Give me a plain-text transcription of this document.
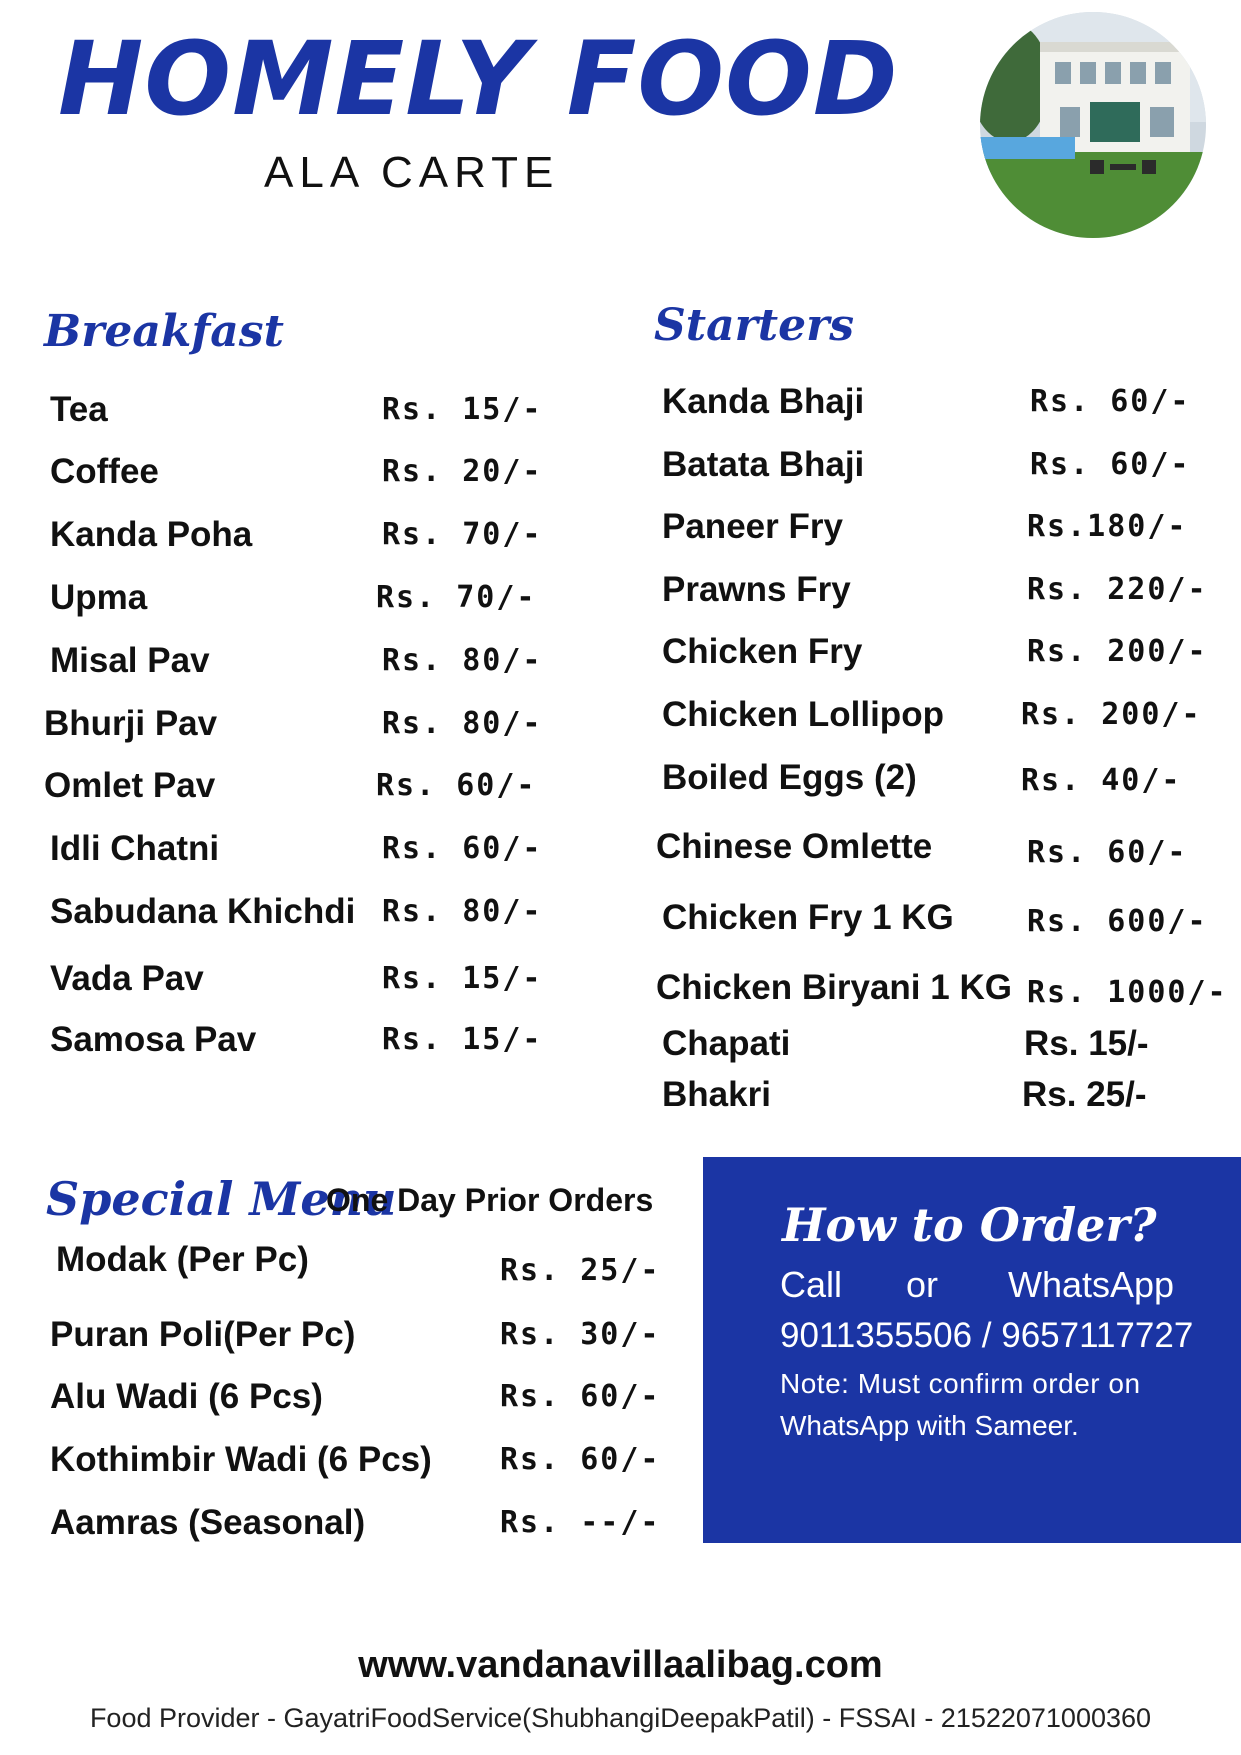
HOMELY FOOD
ALA CARTE
Breakfast
Tea	Rs. 15/-
Coffee	Rs. 20/-
Kanda Poha	Rs. 70/-
Upma	Rs. 70/-
Misal Pav	Rs. 80/-
Bhurji Pav	Rs. 80/-
Omlet Pav	Rs. 60/-
Idli Chatni	Rs. 60/-
Sabudana Khichdi Rs. 80/-
Vada Pav	Rs. 15/-
Samosa Pav	Rs. 15/-
Starters
Kanda Bhaji	Rs. 60/-
Batata Bhaji	Rs. 60/-
Paneer Fry	Rs.180/-
Prawns Fry	Rs. 220/-
Chicken Fry	Rs. 200/-
Chicken Lollipop	Rs. 200/-
Boiled Eggs (2)	Rs. 40/-
Chinese Omlette	Rs. 60/-
Chicken Fry 1 KG Rs. 600/-
Chicken Biryani 1 KG Rs. 1000/-
Chapati	Rs. 15/-
Bhakri	Rs. 25/-
Special Menu
One Day Prior Orders
Modak (Per Pc)	Rs. 25/-
Puran Poli(Per Pc)	Rs. 30/-
Alu Wadi (6 Pcs)	Rs. 60/-
Kothimbir Wadi (6 Pcs) Rs. 60/-
Aamras (Seasonal)	Rs. --/-
How to Order?
Call or WhatsApp
9011355506 / 9657117727
Note: Must confirm order on
WhatsApp with Sameer.
www.vandanavillaalibag.com
Food Provider - GayatriFoodService(ShubhangiDeepakPatil) - FSSAI - 21522071000360
